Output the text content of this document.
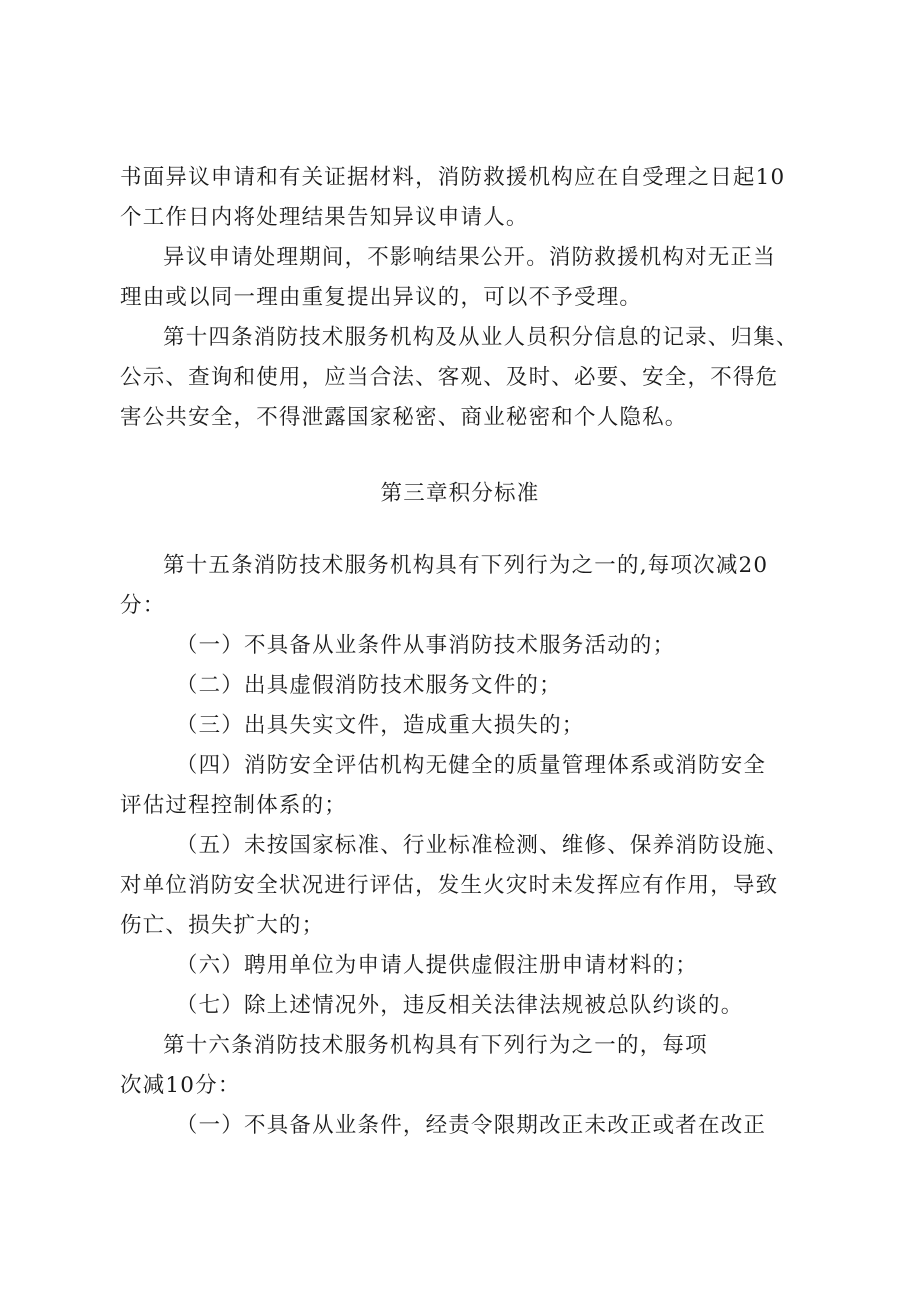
书面异议申请和有关证据材料，消防救援机构应在自受理之日起10

个工作日内将处理结果告知异议申请人。

异议申请处理期间，不影响结果公开。消防救援机构对无正当

理由或以同一理由重复提出异议的，可以不予受理。

第十四条消防技术服务机构及从业人员积分信息的记录、归集、

公示、查询和使用，应当合法、客观、及时、必要、安全，不得危

害公共安全，不得泄露国家秘密、商业秘密和个人隐私。

第三章积分标准

第十五条消防技术服务机构具有下列行为之一的,每项次减20

分：

（一）不具备从业条件从事消防技术服务活动的；

（二）出具虚假消防技术服务文件的；

（三）出具失实文件，造成重大损失的；

（四）消防安全评估机构无健全的质量管理体系或消防安全

评估过程控制体系的；

（五）未按国家标准、行业标准检测、维修、保养消防设施、

对单位消防安全状况进行评估，发生火灾时未发挥应有作用，导致

伤亡、损失扩大的；

（六）聘用单位为申请人提供虚假注册申请材料的；

（七）除上述情况外，违反相关法律法规被总队约谈的。

第十六条消防技术服务机构具有下列行为之一的，每项

次减10分：

（一）不具备从业条件，经责令限期改正未改正或者在改正
